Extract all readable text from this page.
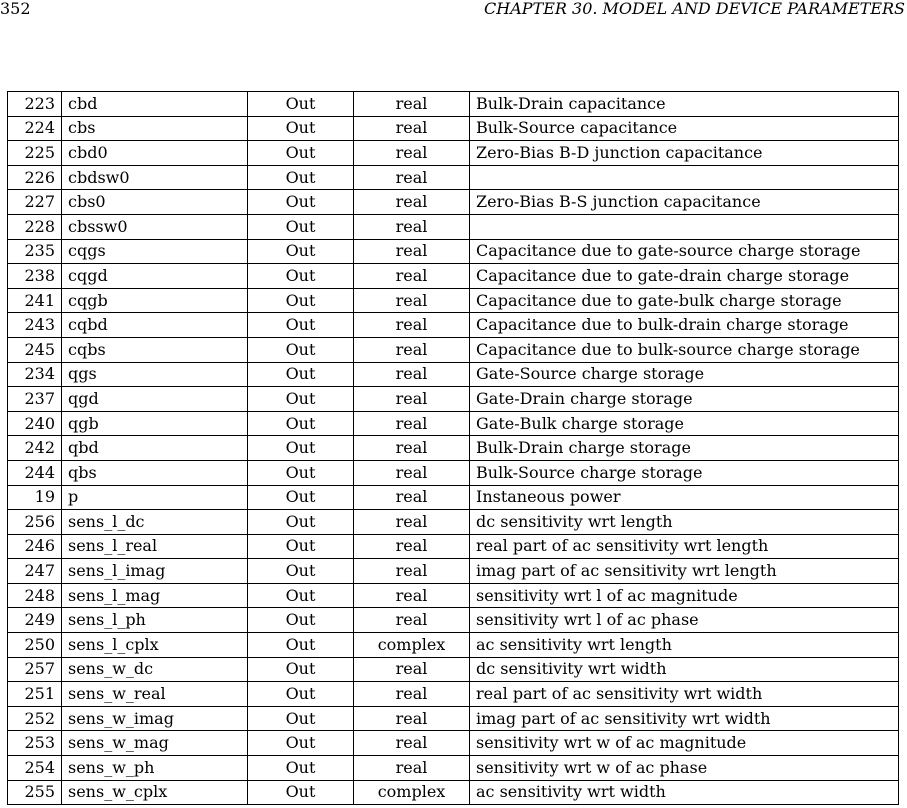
352	CHAPTER 30. MODEL AND DEVICE PARAMETERS
223	cbd	Out	real	Bulk-Drain capacitance
224	cbs	Out	real	Bulk-Source capacitance
225	cbd0	Out	real	Zero-Bias B-D junction capacitance
226	cbdsw0	Out	real	
227	cbs0	Out	real	Zero-Bias B-S junction capacitance
228	cbssw0	Out	real	
235	cqgs	Out	real	Capacitance due to gate-source charge storage
238	cqgd	Out	real	Capacitance due to gate-drain charge storage
241	cqgb	Out	real	Capacitance due to gate-bulk charge storage
243	cqbd	Out	real	Capacitance due to bulk-drain charge storage
245	cqbs	Out	real	Capacitance due to bulk-source charge storage
234	qgs	Out	real	Gate-Source charge storage
237	qgd	Out	real	Gate-Drain charge storage
240	qgb	Out	real	Gate-Bulk charge storage
242	qbd	Out	real	Bulk-Drain charge storage
244	qbs	Out	real	Bulk-Source charge storage
19	p	Out	real	Instaneous power
256	sens_l_dc	Out	real	dc sensitivity wrt length
246	sens_l_real	Out	real	real part of ac sensitivity wrt length
247	sens_l_imag	Out	real	imag part of ac sensitivity wrt length
248	sens_l_mag	Out	real	sensitivity wrt l of ac magnitude
249	sens_l_ph	Out	real	sensitivity wrt l of ac phase
250	sens_l_cplx	Out	complex	ac sensitivity wrt length
257	sens_w_dc	Out	real	dc sensitivity wrt width
251	sens_w_real	Out	real	real part of ac sensitivity wrt width
252	sens_w_imag	Out	real	imag part of ac sensitivity wrt width
253	sens_w_mag	Out	real	sensitivity wrt w of ac magnitude
254	sens_w_ph	Out	real	sensitivity wrt w of ac phase
255	sens_w_cplx	Out	complex	ac sensitivity wrt width
